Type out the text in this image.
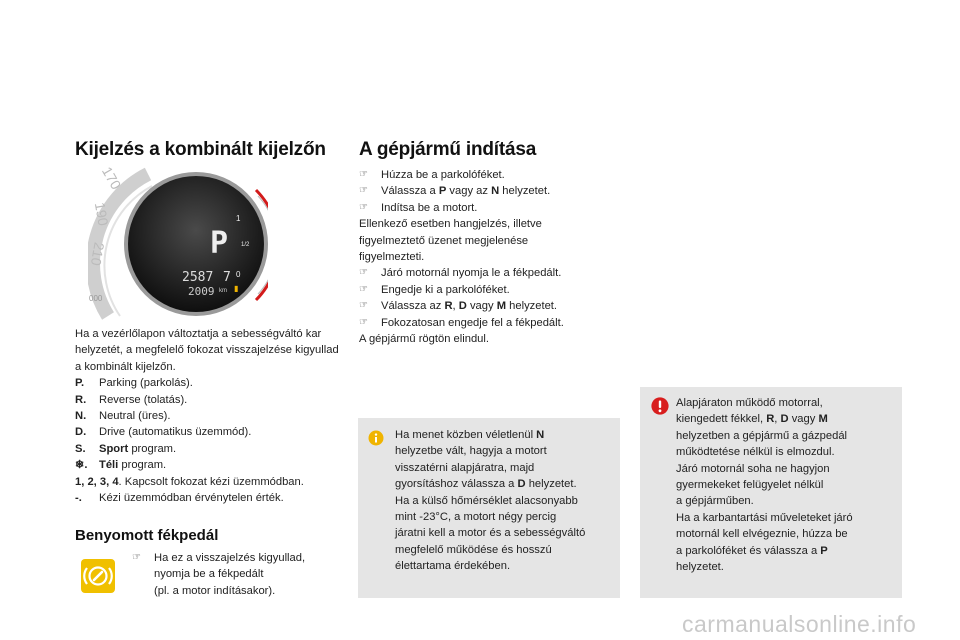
Kijelzés a kombinált kijelzőn
170
190
210
000
P
2587 7
2009 km
1
1/2
0
▮
Ha a vezérlőlapon változtatja a sebességváltó kar helyzetét, a megfelelő fokozat visszajelzése kigyullad a kombinált kijelzőn.
P.	Parking (parkolás).
R.	Reverse (tolatás).
N.	Neutral (üres).
D.	Drive (automatikus üzemmód).
S.	Sport program.
❄.	Téli program.
1, 2, 3, 4. Kapcsolt fokozat kézi üzemmódban.
-.	Kézi üzemmódban érvénytelen érték.
Benyomott fékpedál
☞	Ha ez a visszajelzés kigyullad,
nyomja be a fékpedált
(pl. a motor indításakor).
A gépjármű indítása
☞	Húzza be a parkolóféket.
☞	Válassza a P vagy az N helyzetet.
☞	Indítsa be a motort.
Ellenkező esetben hangjelzés, illetve figyelmeztető üzenet megjelenése figyelmezteti.
☞	Járó motornál nyomja le a fékpedált.
☞	Engedje ki a parkolóféket.
☞	Válassza az R, D vagy M helyzetet.
☞	Fokozatosan engedje fel a fékpedált.
A gépjármű rögtön elindul.
Ha menet közben véletlenül N
helyzetbe vált, hagyja a motort
visszatérni alapjáratra, majd
gyorsításhoz válassza a D helyzetet.
Ha a külső hőmérséklet alacsonyabb
mint -23°C, a motort négy percig
járatni kell a motor és a sebességváltó
megfelelő működése és hosszú
élettartama érdekében.
Alapjáraton működő motorral,
kiengedett fékkel, R, D vagy M
helyzetben a gépjármű a gázpedál
működtetése nélkül is elmozdul.
Járó motornál soha ne hagyjon
gyermekeket felügyelet nélkül
a gépjárműben.
Ha a karbantartási műveleteket járó
motornál kell elvégeznie, húzza be
a parkolóféket és válassza a P
helyzetet.
carmanualsonline.info
